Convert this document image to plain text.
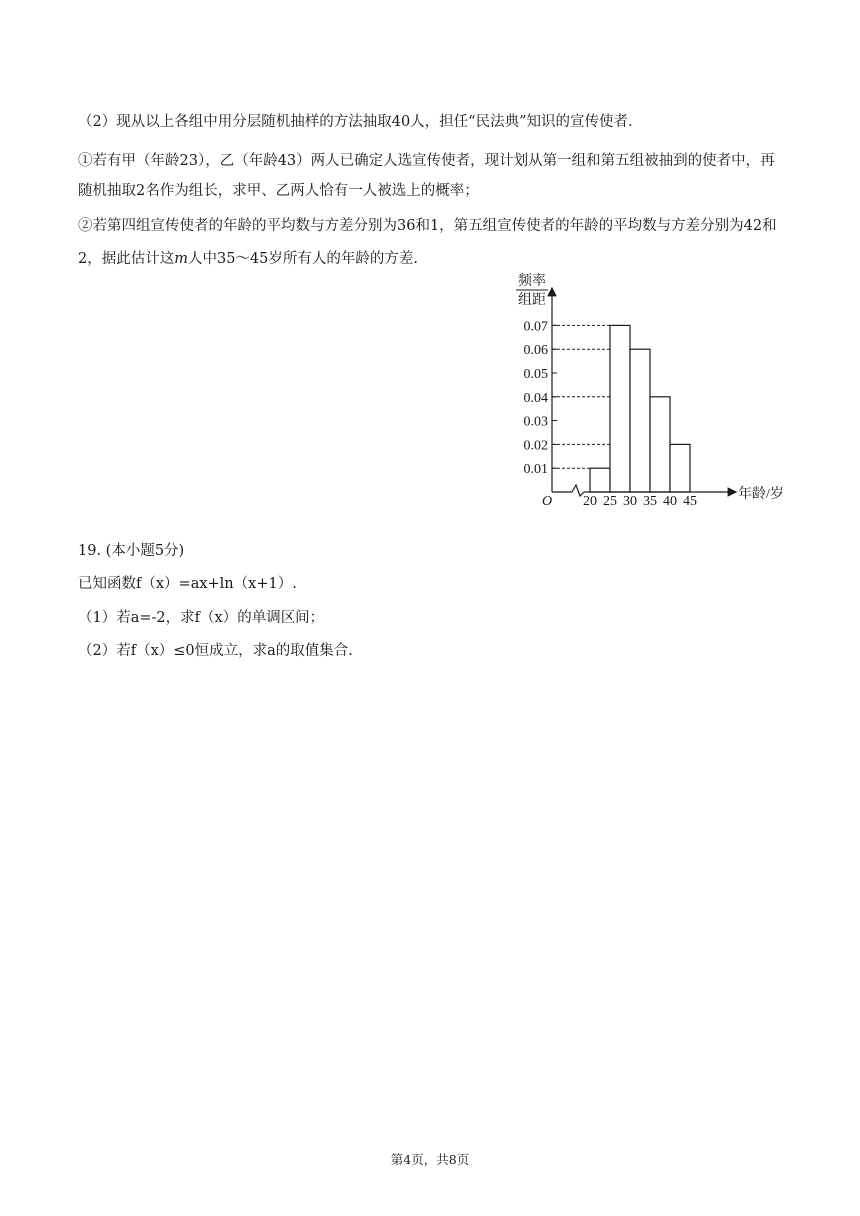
（2）现从以上各组中用分层随机抽样的方法抽取40人，担任“民法典”知识的宣传使者.

①若有甲（年龄23），乙（年龄43）两人已确定人选宣传使者，现计划从第一组和第五组被抽到的使者中，再随机抽取2名作为组长，求甲、乙两人恰有一人被选上的概率；

②若第四组宣传使者的年龄的平均数与方差分别为36和1，第五组宣传使者的年龄的平均数与方差分别为42和2，据此估计这m人中35～45岁所有人的年龄的方差.

频率
组距
0.01
0.02
0.03
0.04
0.05
0.06
0.07
20 25 30 35 40 45
O	年龄/岁

19. (本小题5分)

已知函数f（x）=ax+ln（x+1）.

（1）若a=-2，求f（x）的单调区间；

（2）若f（x）≤0恒成立，求a的取值集合.

第4页，共8页
